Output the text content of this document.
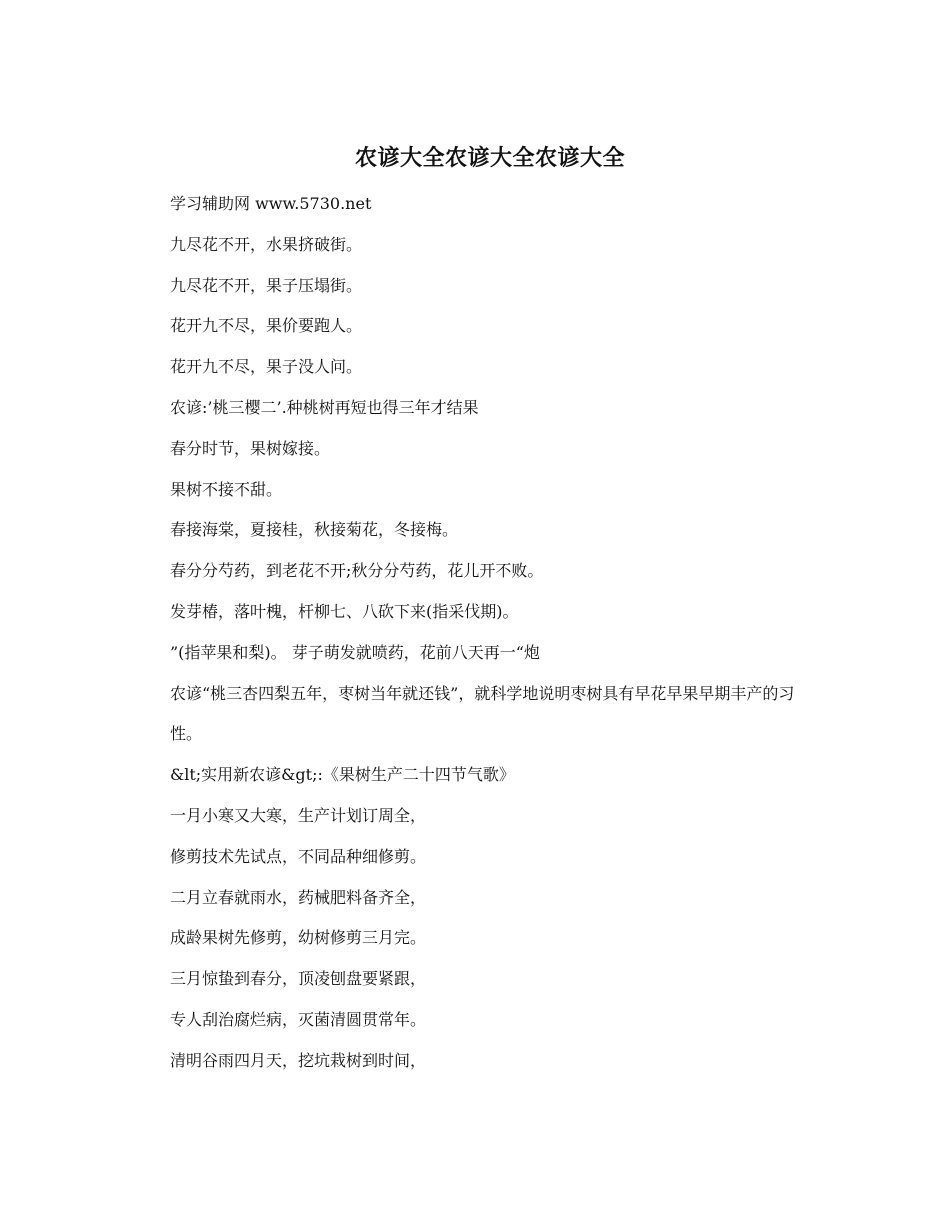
农谚大全农谚大全农谚大全

学习辅助网 www.5730.net

九尽花不开，水果挤破街。

九尽花不开，果子压塌街。

花开九不尽，果价要跑人。

花开九不尽，果子没人问。

农谚:’桃三樱二’.种桃树再短也得三年才结果

春分时节，果树嫁接。

果树不接不甜。

春接海棠，夏接桂，秋接菊花，冬接梅。

春分分芍药，到老花不开;秋分分芍药，花儿开不败。

发芽椿，落叶槐，杆柳七、八砍下来(指采伐期)。

”(指苹果和梨)。 芽子萌发就喷药，花前八天再一“炮

农谚“桃三杏四梨五年，枣树当年就还钱”，就科学地说明枣树具有早花早果早期丰产的习

性。

&lt;实用新农谚&gt;:《果树生产二十四节气歌》

一月小寒又大寒，生产计划订周全，

修剪技术先试点，不同品种细修剪。

二月立春就雨水，药械肥料备齐全，

成龄果树先修剪，幼树修剪三月完。

三月惊蛰到春分，顶凌刨盘要紧跟，

专人刮治腐烂病，灭菌清圆贯常年。

清明谷雨四月天，挖坑栽树到时间，
